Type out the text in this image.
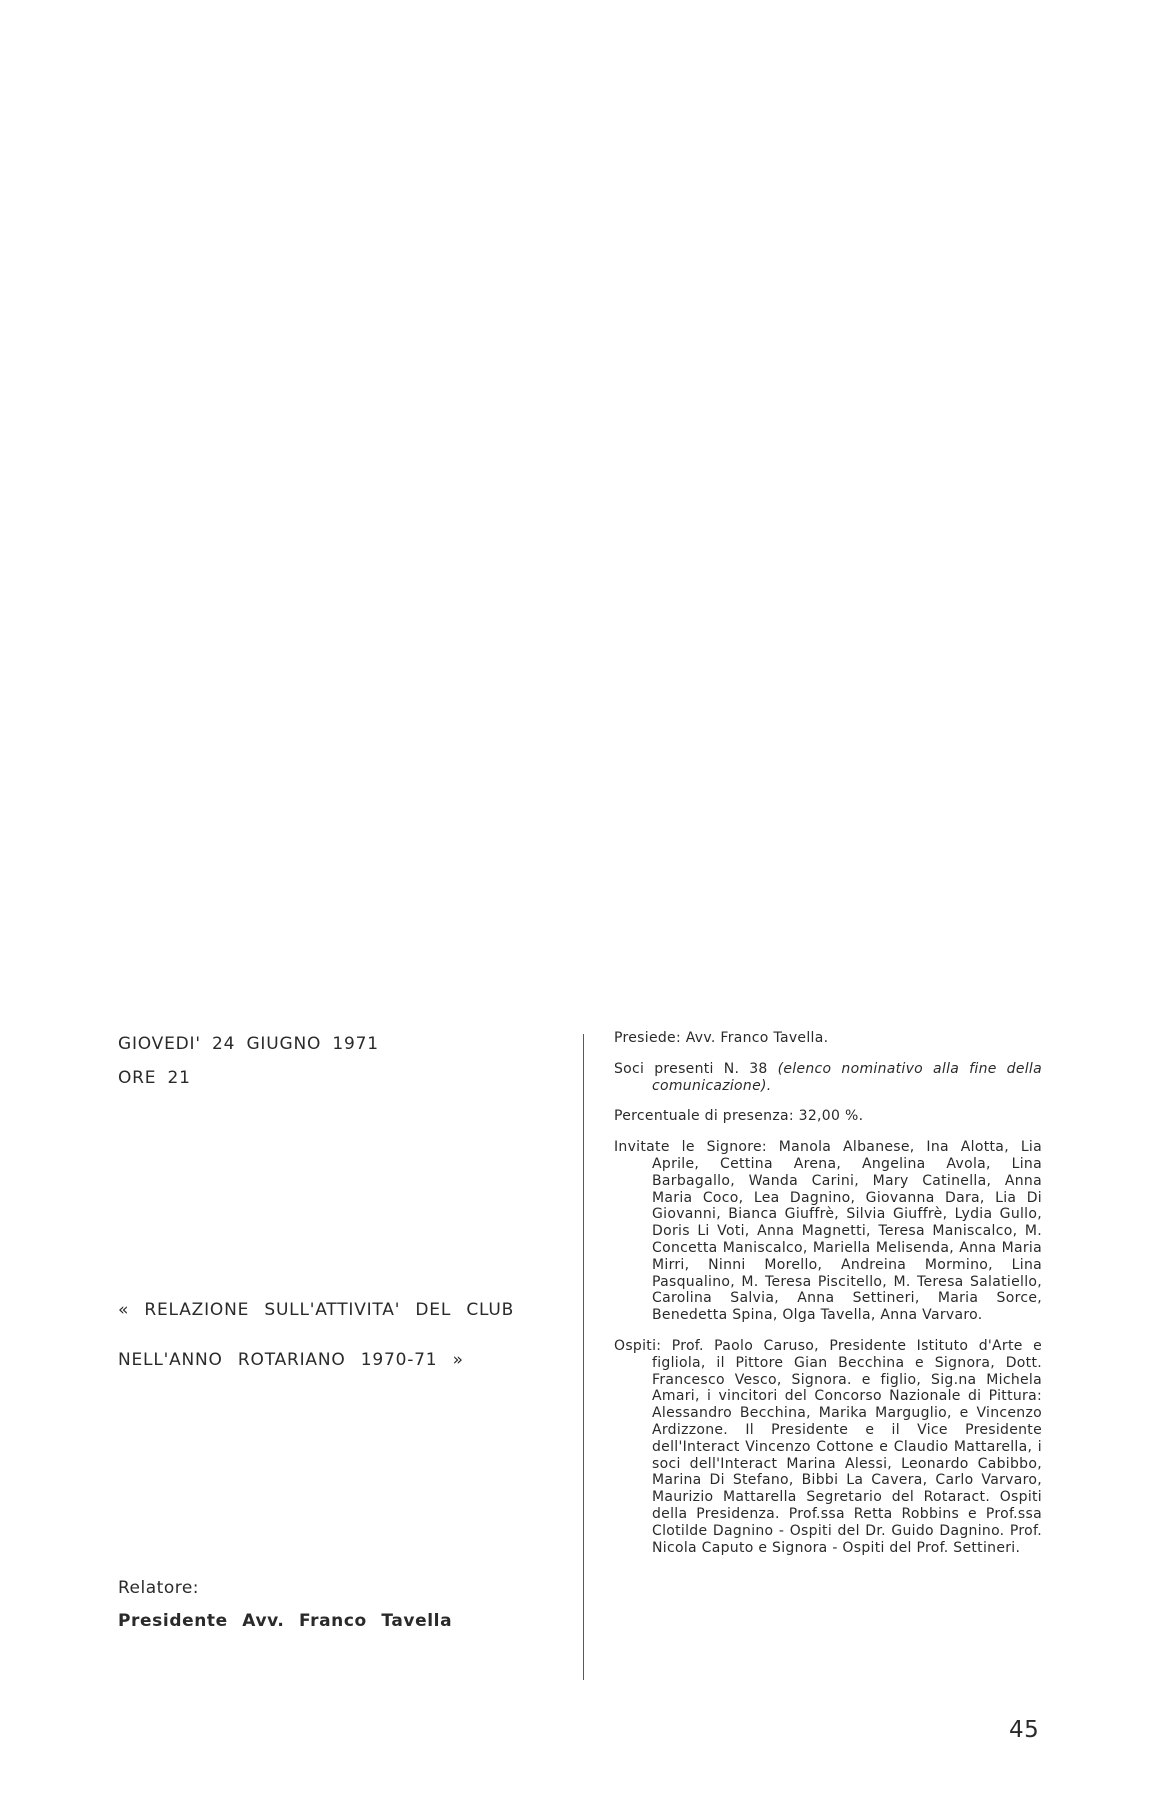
GIOVEDI' 24 GIUGNO 1971
ORE 21
« RELAZIONE SULL'ATTIVITA' DEL CLUB
NELL'ANNO ROTARIANO 1970-71 »
Relatore:
Presidente Avv. Franco Tavella

Presiede: Avv. Franco Tavella.

Soci presenti N. 38 (elenco nominativo alla fine della comunicazione).

Percentuale di presenza: 32,00 %.

Invitate le Signore: Manola Albanese, Ina Alotta, Lia Aprile, Cettina Arena, Angelina Avola, Lina Barbagallo, Wanda Carini, Mary Catinella, Anna Maria Coco, Lea Dagnino, Giovanna Dara, Lia Di Giovanni, Bianca Giuffrè, Silvia Giuffrè, Lydia Gullo, Doris Li Voti, Anna Magnetti, Teresa Maniscalco, M. Concetta Maniscalco, Mariella Melisenda, Anna Maria Mirri, Ninni Morello, Andreina Mormino, Lina Pasqualino, M. Teresa Piscitello, M. Teresa Salatiello, Carolina Salvia, Anna Settineri, Maria Sorce, Benedetta Spina, Olga Tavella, Anna Varvaro.

Ospiti: Prof. Paolo Caruso, Presidente Istituto d'Arte e figliola, il Pittore Gian Becchina e Signora, Dott. Francesco Vesco, Signora. e figlio, Sig.na Michela Amari, i vincitori del Concorso Nazionale di Pittura: Alessandro Becchina, Marika Marguglio, e Vincenzo Ardizzone. Il Presidente e il Vice Presidente dell'Interact Vincenzo Cottone e Claudio Mattarella, i soci dell'Interact Marina Alessi, Leonardo Cabibbo, Marina Di Stefano, Bibbi La Cavera, Carlo Varvaro, Maurizio Mattarella Segretario del Rotaract. Ospiti della Presidenza. Prof.ssa Retta Robbins e Prof.ssa Clotilde Dagnino - Ospiti del Dr. Guido Dagnino. Prof. Nicola Caputo e Signora - Ospiti del Prof. Settineri.

45
